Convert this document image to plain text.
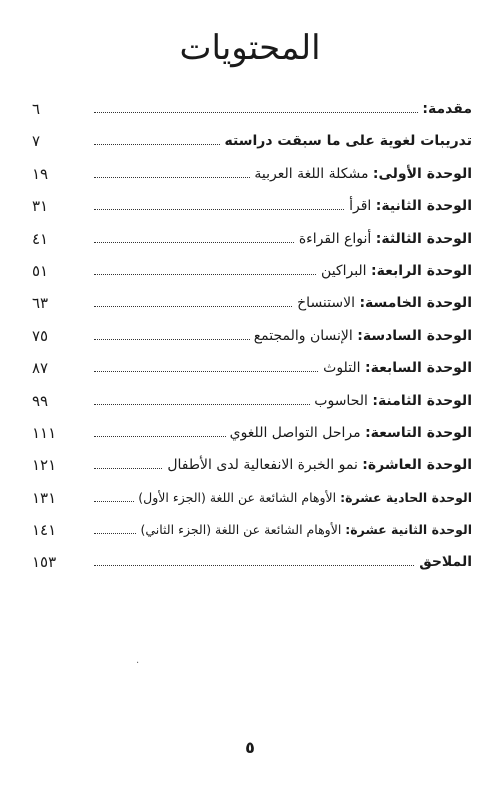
المحتويات
مقدمة:
٦
تدريبات لغوية على ما سبقت دراسته
٧
الوحدة الأولى: مشكلة اللغة العربية
١٩
الوحدة الثانية: اقرأ
٣١
الوحدة الثالثة: أنواع القراءة
٤١
الوحدة الرابعة: البراكين
٥١
الوحدة الخامسة: الاستنساخ
٦٣
الوحدة السادسة: الإنسان والمجتمع
٧٥
الوحدة السابعة: التلوث
٨٧
الوحدة الثامنة: الحاسوب
٩٩
الوحدة التاسعة: مراحل التواصل اللغوي
١١١
الوحدة العاشرة: نمو الخبرة الانفعالية لدى الأطفال
١٢١
الوحدة الحادية عشرة: الأوهام الشائعة عن اللغة (الجزء الأول)
١٣١
الوحدة الثانية عشرة: الأوهام الشائعة عن اللغة (الجزء الثاني)
١٤١
الملاحق
١٥٣
·
٥
